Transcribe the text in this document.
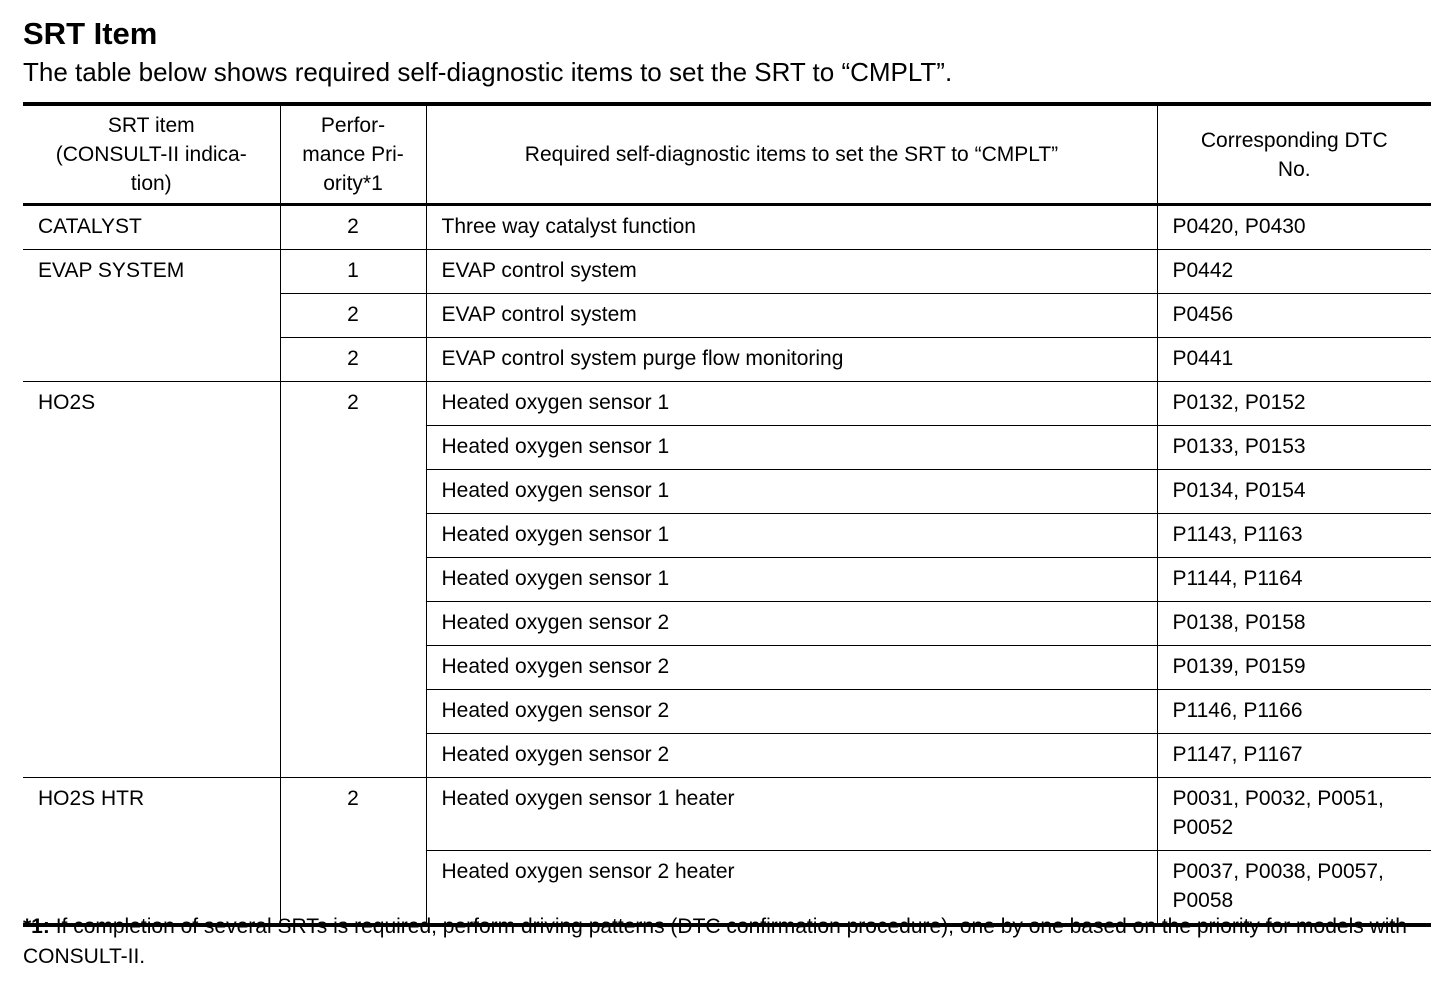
SRT Item

The table below shows required self-diagnostic items to set the SRT to “CMPLT”.

SRT item
(CONSULT-II indica-
tion)	Perfor-
mance Pri-
ority*1	Required self-diagnostic items to set the SRT to “CMPLT”	Corresponding DTC
No.
CATALYST	2	Three way catalyst function	P0420, P0430
EVAP SYSTEM	1	EVAP control system	P0442
	2	EVAP control system	P0456
	2	EVAP control system purge flow monitoring	P0441
HO2S	2	Heated oxygen sensor 1	P0132, P0152
		Heated oxygen sensor 1	P0133, P0153
		Heated oxygen sensor 1	P0134, P0154
		Heated oxygen sensor 1	P1143, P1163
		Heated oxygen sensor 1	P1144, P1164
		Heated oxygen sensor 2	P0138, P0158
		Heated oxygen sensor 2	P0139, P0159
		Heated oxygen sensor 2	P1146, P1166
		Heated oxygen sensor 2	P1147, P1167
HO2S HTR	2	Heated oxygen sensor 1 heater	P0031, P0032, P0051,
P0052
		Heated oxygen sensor 2 heater	P0037, P0038, P0057,
P0058
*1: If completion of several SRTs is required, perform driving patterns (DTC confirmation procedure), one by one based on the priority for models with CONSULT-II.
